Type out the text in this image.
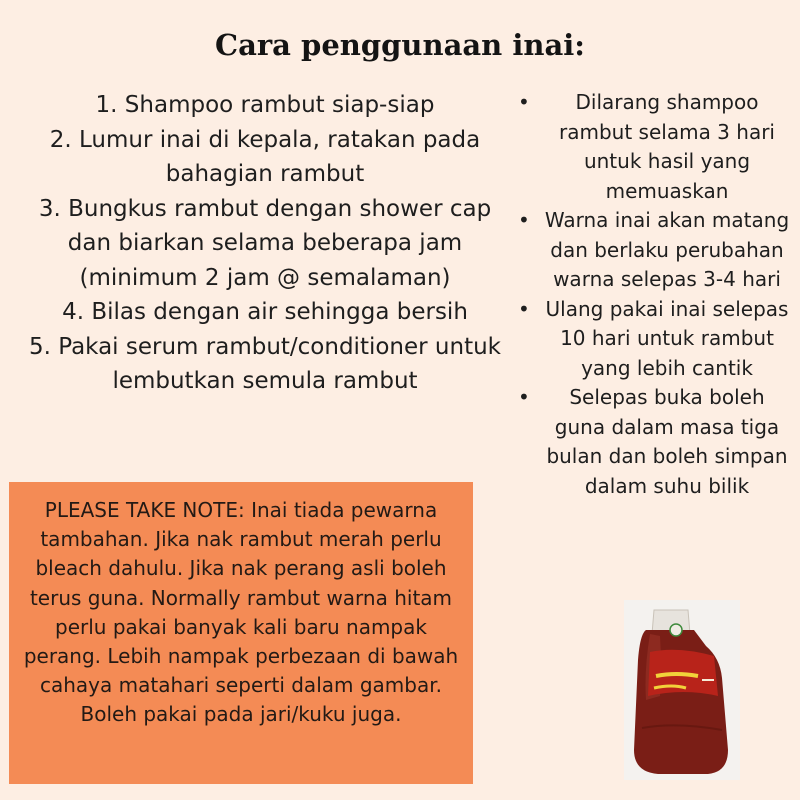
Cara penggunaan inai:
1. Shampoo rambut siap-siap
2. Lumur inai di kepala, ratakan pada bahagian rambut
3. Bungkus rambut dengan shower cap dan biarkan selama beberapa jam (minimum 2 jam @ semalaman)
4. Bilas dengan air sehingga bersih
5. Pakai serum rambut/conditioner untuk lembutkan semula rambut
• Dilarang shampoo rambut selama 3 hari untuk hasil yang memuaskan
• Warna inai akan matang dan berlaku perubahan warna selepas 3-4 hari
• Ulang pakai inai selepas 10 hari untuk rambut yang lebih cantik
• Selepas buka boleh guna dalam masa tiga bulan dan boleh simpan dalam suhu bilik
PLEASE TAKE NOTE: Inai tiada pewarna tambahan. Jika nak rambut merah perlu bleach dahulu. Jika nak perang asli boleh terus guna. Normally rambut warna hitam perlu pakai banyak kali baru nampak perang. Lebih nampak perbezaan di bawah cahaya matahari seperti dalam gambar. Boleh pakai pada jari/kuku juga.
